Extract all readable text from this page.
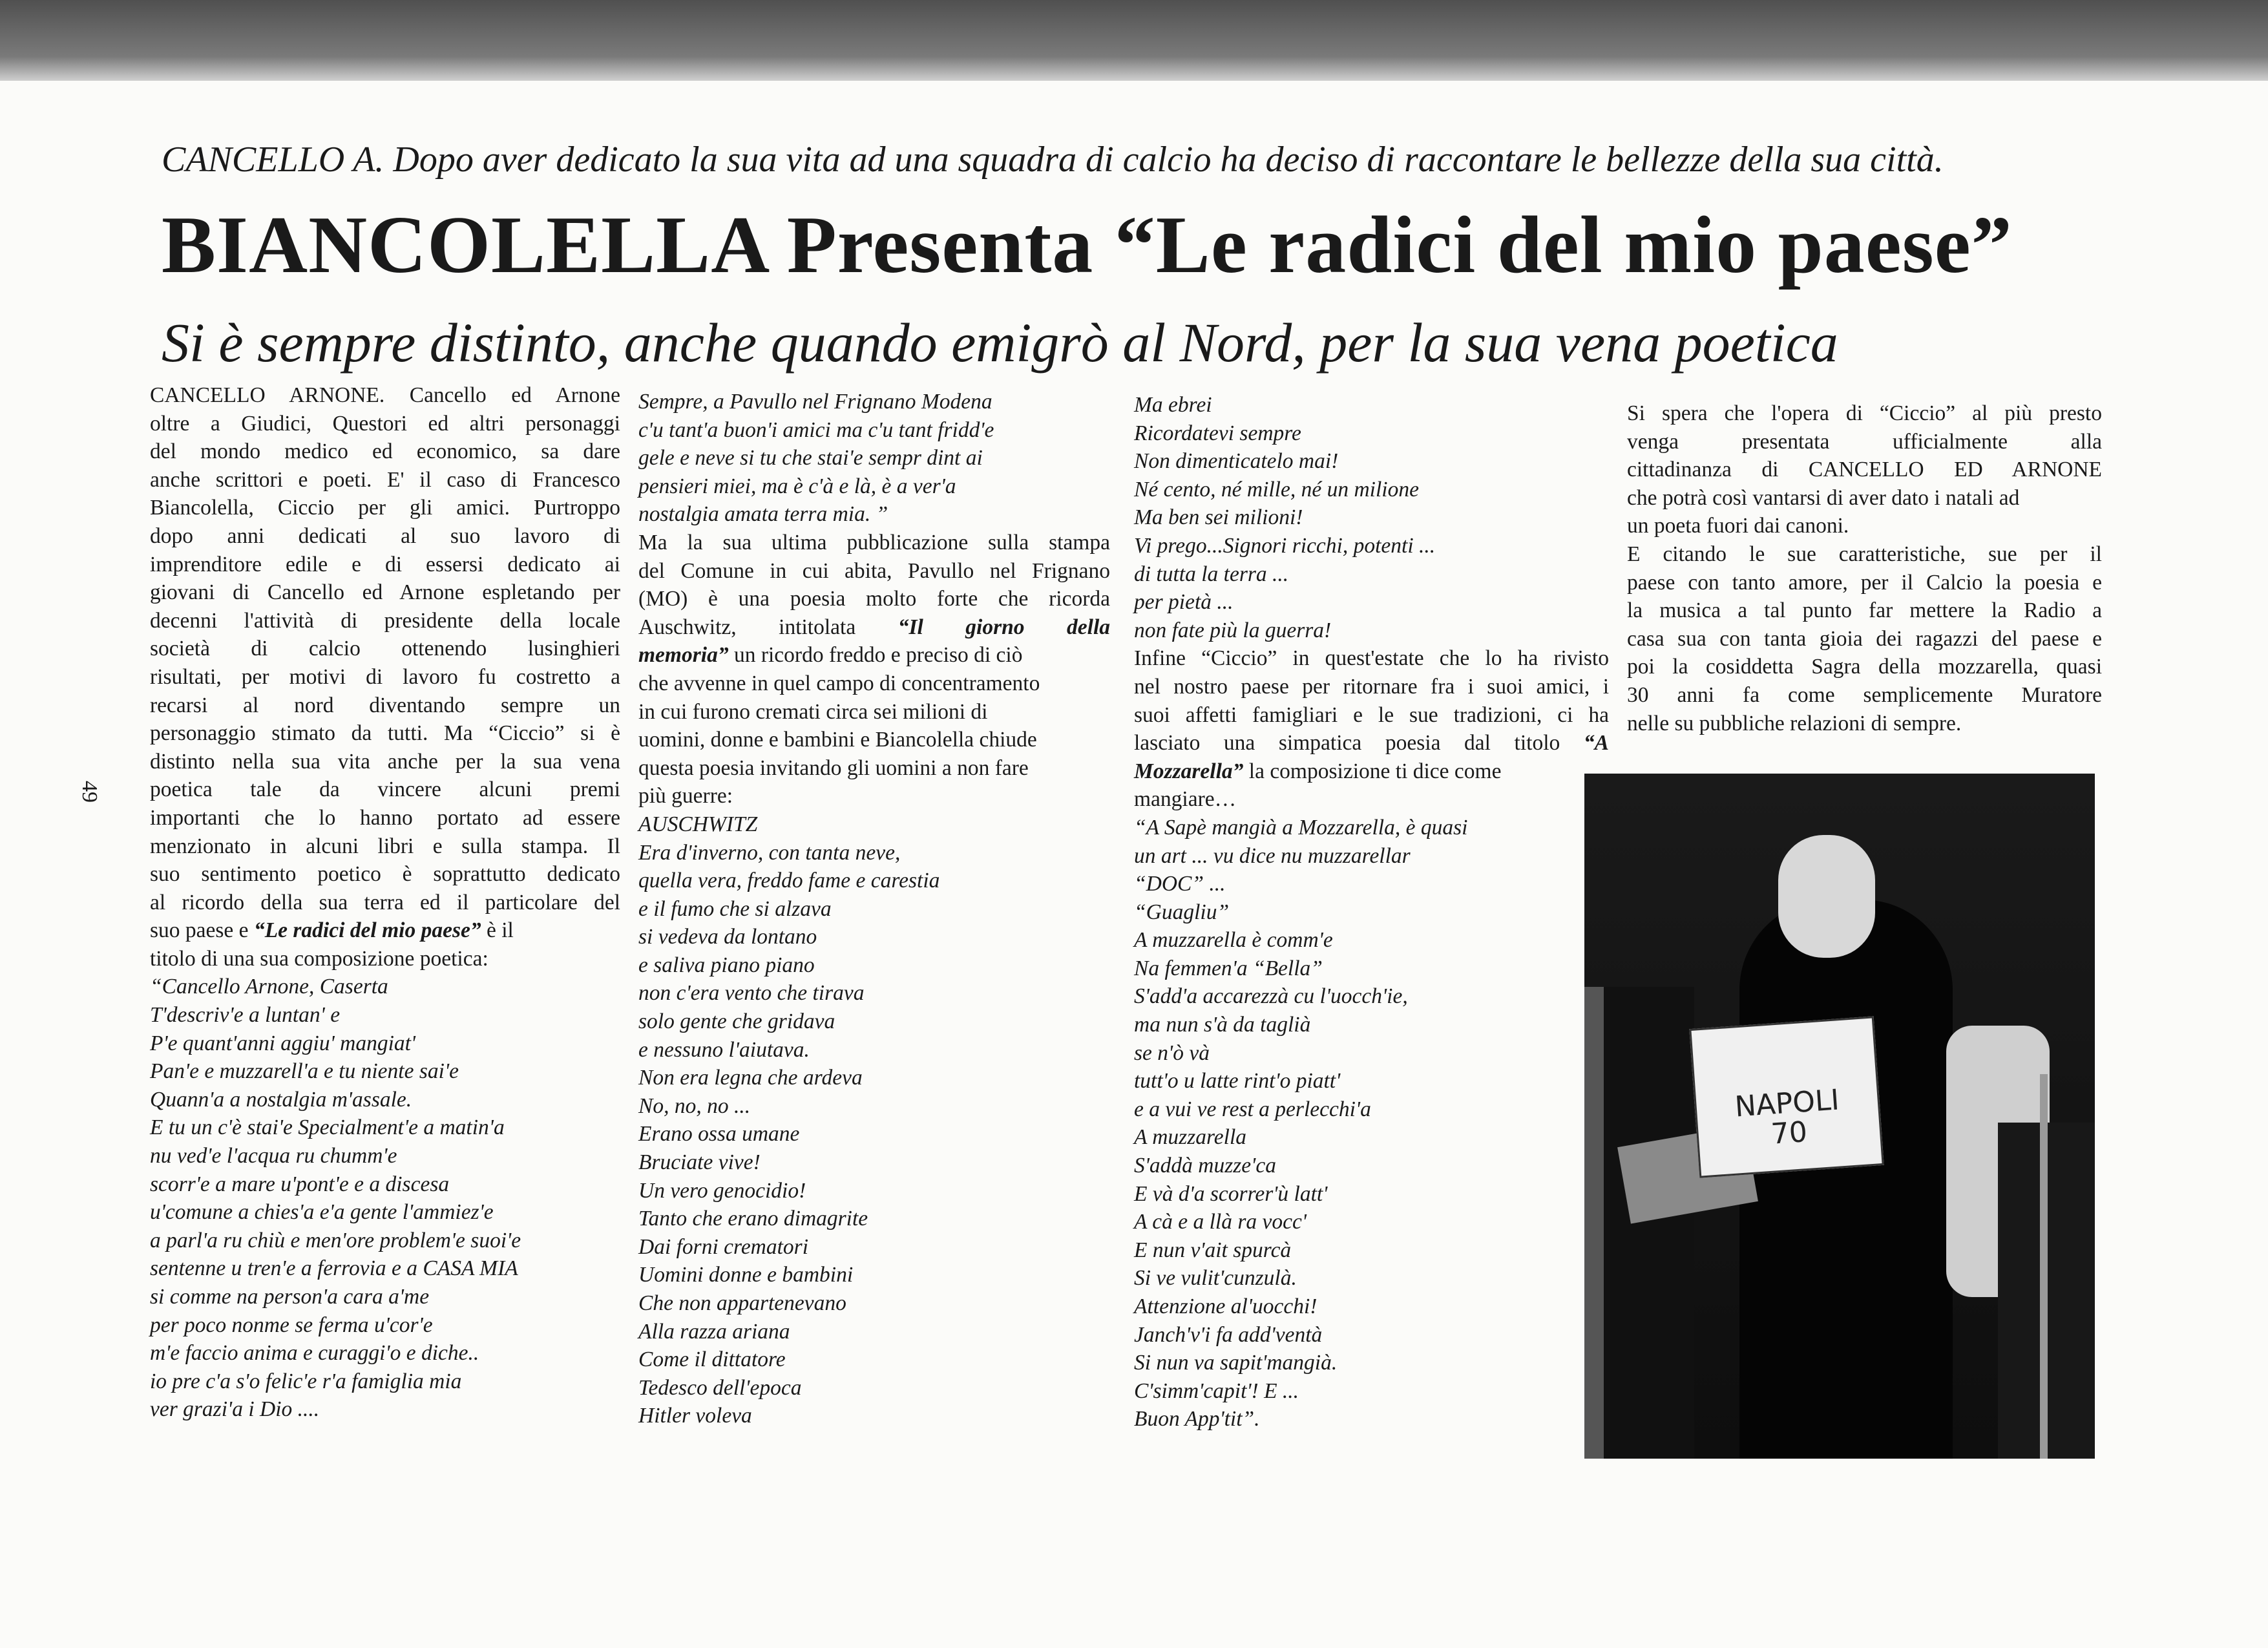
49
CANCELLO A. Dopo aver dedicato la sua vita ad una squadra di calcio ha deciso di raccontare le bellezze della sua città.
BIANCOLELLA Presenta “Le radici del mio paese”
Si è sempre distinto, anche quando emigrò al Nord, per la sua vena poetica
CANCELLO ARNONE. Cancello ed Arnone
oltre a Giudici, Questori ed altri personaggi
del mondo medico ed economico, sa dare
anche scrittori e poeti. E' il caso di Francesco
Biancolella, Ciccio per gli amici. Purtroppo
dopo anni dedicati al suo lavoro di
imprenditore edile e di essersi dedicato ai
giovani di Cancello ed Arnone espletando per
decenni l'attività di presidente della locale
società di calcio ottenendo lusinghieri
risultati, per motivi di lavoro fu costretto a
recarsi al nord diventando sempre un
personaggio stimato da tutti. Ma “Ciccio” si è
distinto nella sua vita anche per la sua vena
poetica tale da vincere alcuni premi
importanti che lo hanno portato ad essere
menzionato in alcuni libri e sulla stampa. Il
suo sentimento poetico è soprattutto dedicato
al ricordo della sua terra ed il particolare del
suo paese e “Le radici del mio paese” è il
titolo di una sua composizione poetica:
“Cancello Arnone, Caserta
T'descriv'e a luntan' e
P'e quant'anni aggiu' mangiat'
Pan'e e muzzarell'a e tu niente sai'e
Quann'a a nostalgia m'assale.
E tu un c'è stai'e Specialment'e a matin'a
nu ved'e l'acqua ru chumm'e
scorr'e a mare u'pont'e e a discesa
u'comune a chies'a e'a gente l'ammiez'e
a parl'a ru chiù e men'ore problem'e suoi'e
sentenne u tren'e a ferrovia e a CASA MIA
si comme na person'a cara a'me
per poco nonme se ferma u'cor'e
m'e faccio anima e curaggi'o e diche..
io pre c'a s'o felic'e r'a famiglia mia
ver grazi'a i Dio ....
Sempre, a Pavullo nel Frignano Modena
c'u tant'a buon'i amici ma c'u tant fridd'e
gele e neve si tu che stai'e sempr dint ai
pensieri miei, ma è c'à e là, è a ver'a
nostalgia amata terra mia. ”
Ma la sua ultima pubblicazione sulla stampa
del Comune in cui abita, Pavullo nel Frignano
(MO) è una poesia molto forte che ricorda
Auschwitz, intitolata “Il giorno della
memoria” un ricordo freddo e preciso di ciò
che avvenne in quel campo di concentramento
in cui furono cremati circa sei milioni di
uomini, donne e bambini e Biancolella chiude
questa poesia invitando gli uomini a non fare
più guerre:
AUSCHWITZ
Era d'inverno, con tanta neve,
quella vera, freddo fame e carestia
e il fumo che si alzava
si vedeva da lontano
e saliva piano piano
non c'era vento che tirava
solo gente che gridava
e nessuno l'aiutava.
Non era legna che ardeva
No, no, no ...
Erano ossa umane
Bruciate vive!
Un vero genocidio!
Tanto che erano dimagrite
Dai forni crematori
Uomini donne e bambini
Che non appartenevano
Alla razza ariana
Come il dittatore
Tedesco dell'epoca
Hitler voleva
Ma ebrei
Ricordatevi sempre
Non dimenticatelo mai!
Né cento, né mille, né un milione
Ma ben sei milioni!
Vi prego...Signori ricchi, potenti ...
di tutta la terra ...
per pietà ...
non fate più la guerra!
Infine “Ciccio” in quest'estate che lo ha rivisto
nel nostro paese per ritornare fra i suoi amici, i
suoi affetti famigliari e le sue tradizioni, ci ha
lasciato una simpatica poesia dal titolo “A
Mozzarella” la composizione ti dice come
mangiare…
“A Sapè mangià a Mozzarella, è quasi
un art ... vu dice nu muzzarellar
“DOC” ...
“Guagliu”
A muzzarella è comm'e
Na femmen'a “Bella”
S'add'a accarezzà cu l'uocch'ie,
ma nun s'à da taglià
se n'ò và
tutt'o u latte rint'o piatt'
e a vui ve rest a perlecchi'a
A muzzarella
S'addà muzze'ca
E và d'a scorrer'ù latt'
A cà e a llà ra vocc'
E nun v'ait spurcà
Si ve vulit'cunzulà.
Attenzione al'uocchi!
Janch'v'i fa add'ventà
Si nun va sapit'mangià.
C'simm'capit'! E ...
Buon App'tit”.
Si spera che l'opera di “Ciccio” al più presto
venga presentata ufficialmente alla
cittadinanza di CANCELLO ED ARNONE
che potrà così vantarsi di aver dato i natali ad
un poeta fuori dai canoni.
E citando le sue caratteristiche, sue per il
paese con tanto amore, per il Calcio la poesia e
la musica a tal punto far mettere la Radio a
casa sua con tanta gioia dei ragazzi del paese e
poi la cosiddetta Sagra della mozzarella, quasi
30 anni fa come semplicemente Muratore
nelle su pubbliche relazioni di sempre.
NAPOLI
70
